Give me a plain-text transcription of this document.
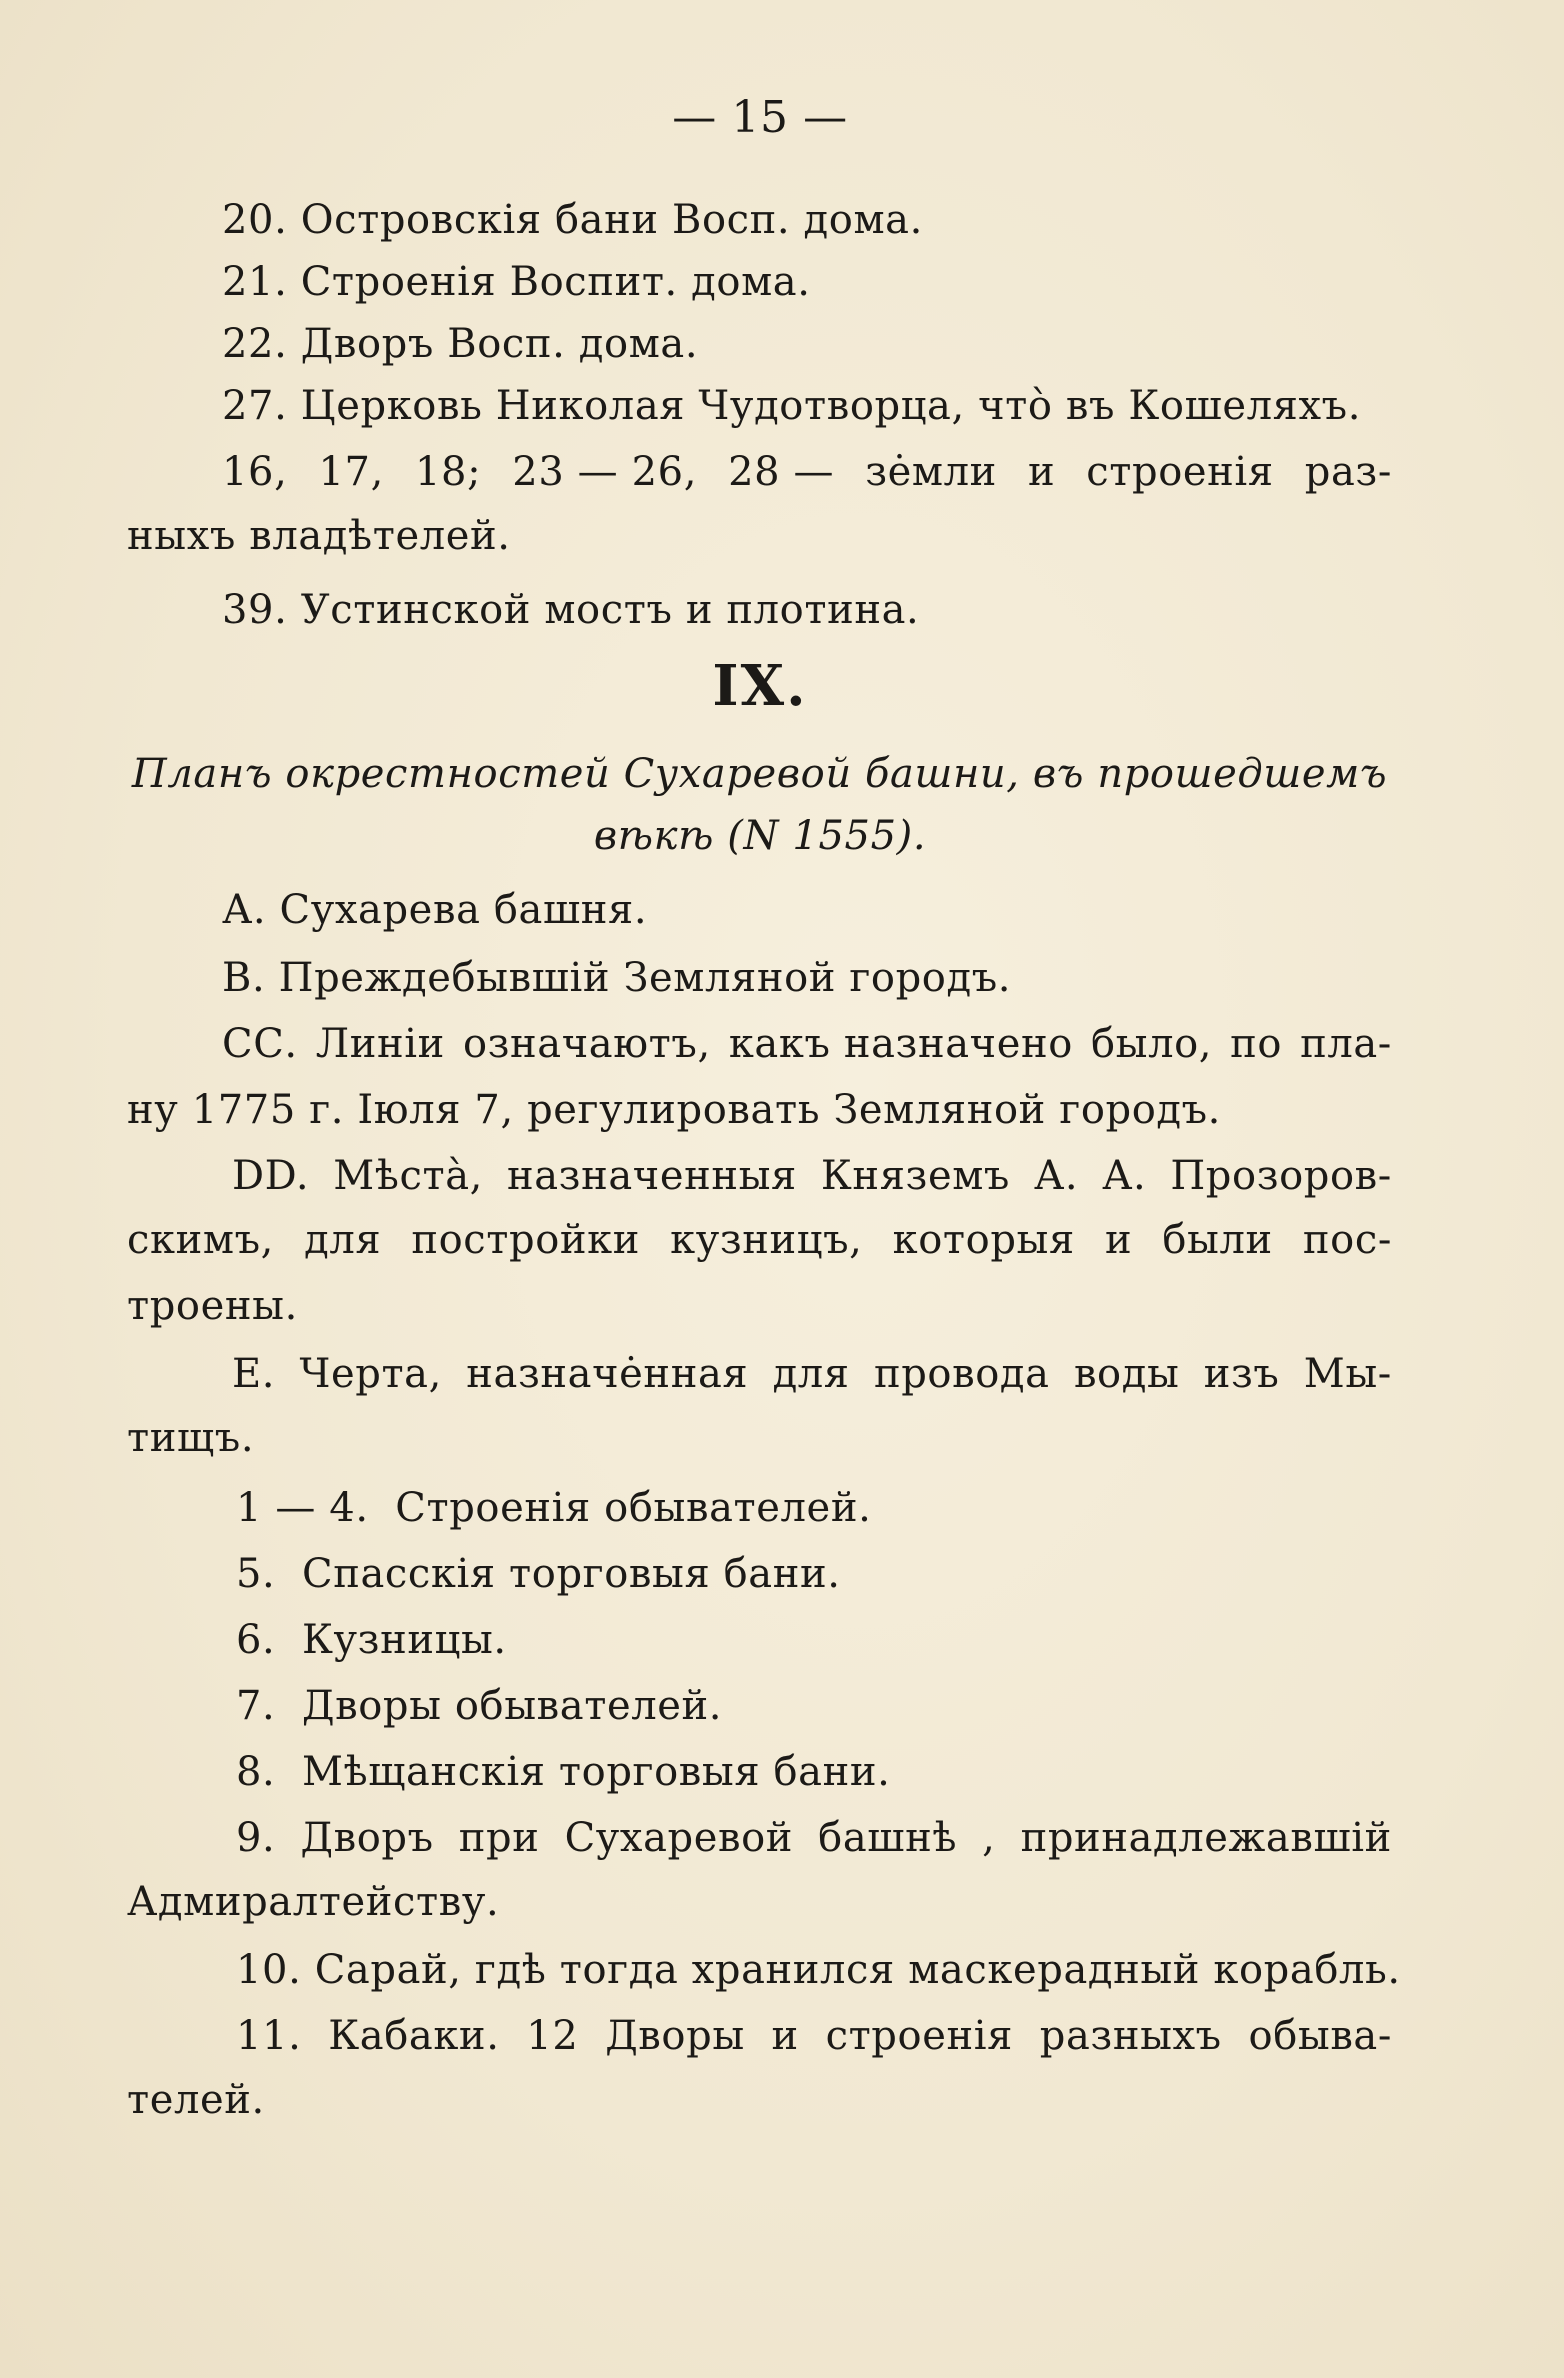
— 15 —
20. Островскія бани Восп. дома.
21. Строенія Воспит. дома.
22. Дворъ Восп. дома.
27. Церковь Николая Чудотворца, что̀ въ Кошеляхъ.
16, 17, 18; 23 — 26, 28 — зе̇мли и строенія раз-
ныхъ владѣтелей.
39. Устинской мостъ и плотина.
IX.
Планъ окрестностей Сухаревой башни, въ прошедшемъ
вѣкѣ (N 1555).
А. Сухарева башня.
В. Преждебывшій Земляной городъ.
СС. Линіи означаютъ, какъ назначено было, по пла-
ну 1775 г. Іюля 7, регулировать Земляной городъ.
DD. Мѣста̀, назначенныя Княземъ А. А. Прозоров-
скимъ, для постройки кузницъ, которыя и были пос-
троены.
Е. Черта, назначе̇нная для провода воды изъ Мы-
тищъ.
1 — 4.  Строенія обывателей.
5.  Спасскія торговыя бани.
6.  Кузницы.
7.  Дворы обывателей.
8.  Мѣщанскія торговыя бани.
9. Дворъ при Сухаревой башнѣ , принадлежавшій
Адмиралтейству.
10. Сарай, гдѣ тогда хранился маскерадный корабль.
11. Кабаки. 12 Дворы и строенія разныхъ обыва-
телей.
